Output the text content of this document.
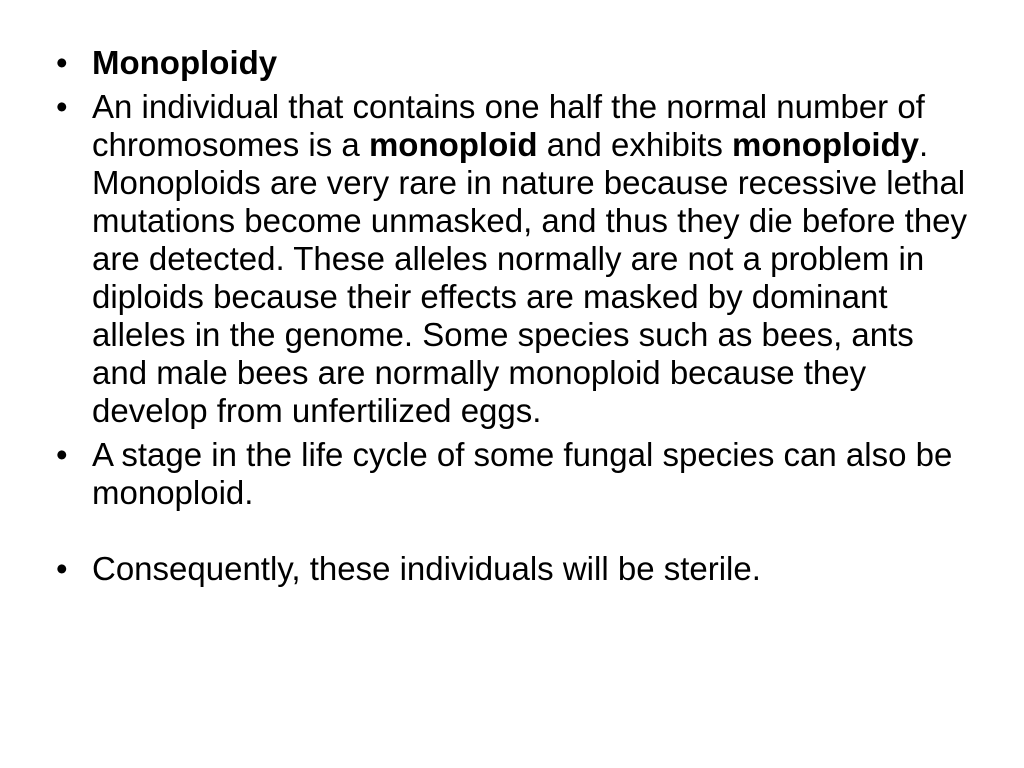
• Monoploidy
• An individual that contains one half the normal number of chromosomes is a monoploid and exhibits monoploidy. Monoploids are very rare in nature because recessive lethal mutations become unmasked, and thus they die before they are detected. These alleles normally are not a problem in diploids because their effects are masked by dominant alleles in the genome. Some species such as bees, ants and male bees are normally monoploid because they develop from unfertilized eggs.
• A stage in the life cycle of some fungal species can also be monoploid.
• Consequently, these individuals will be sterile.
